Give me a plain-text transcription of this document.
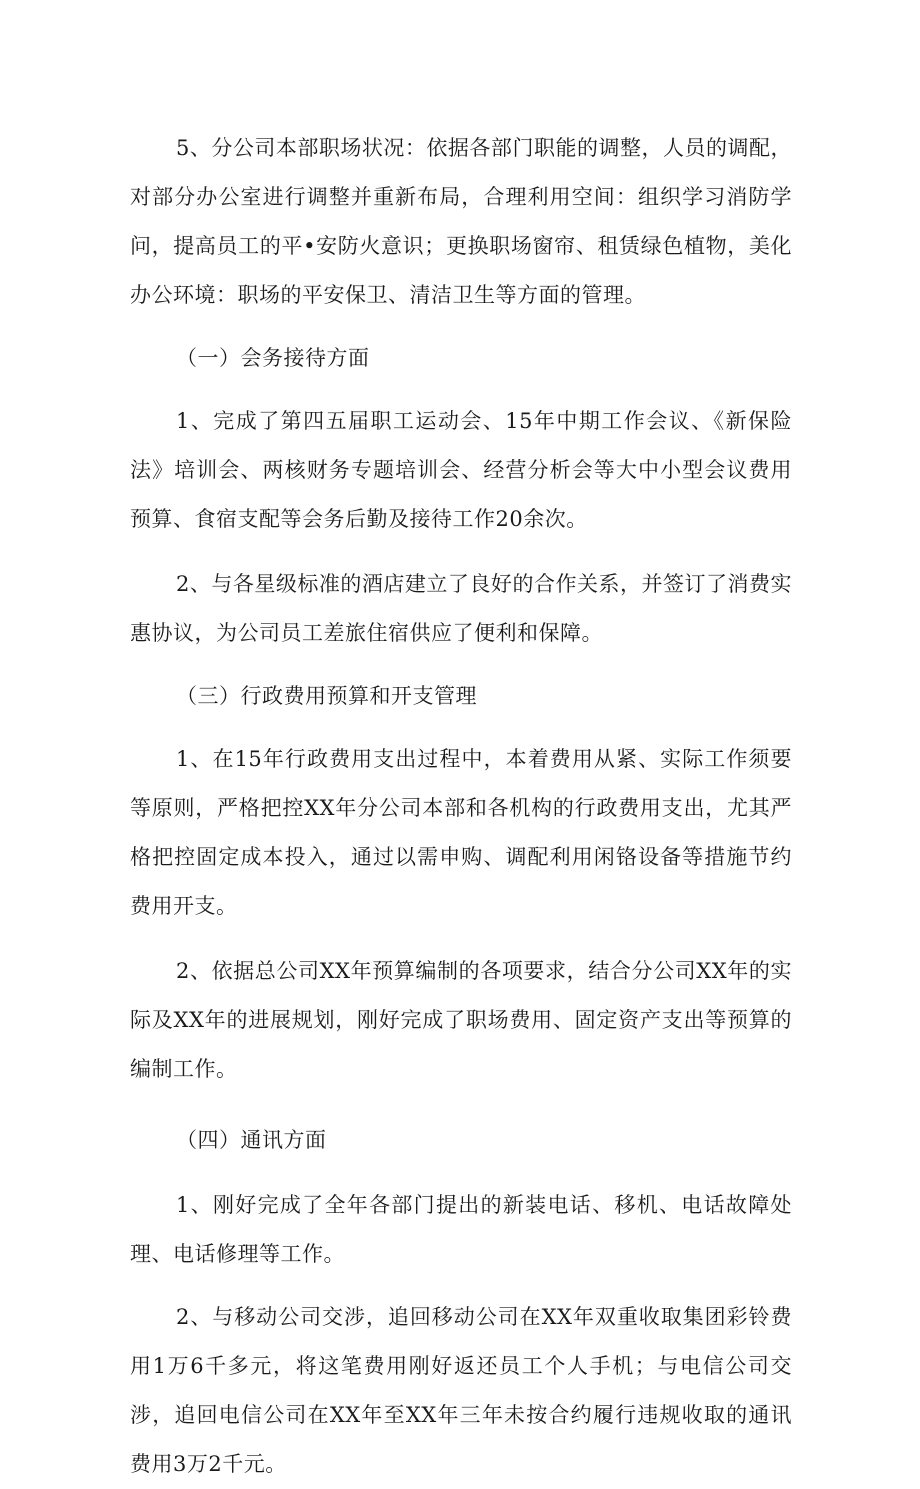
5、分公司本部职场状况：依据各部门职能的调整，人员的调配，对部分办公室进行调整并重新布局，合理利用空间：组织学习消防学问，提高员工的平•安防火意识；更换职场窗帘、租赁绿色植物，美化办公环境：职场的平安保卫、清洁卫生等方面的管理。

（一）会务接待方面

1、完成了第四五届职工运动会、15年中期工作会议、《新保险法》培训会、两核财务专题培训会、经营分析会等大中小型会议费用预算、食宿支配等会务后勤及接待工作20余次。

2、与各星级标准的酒店建立了良好的合作关系，并签订了消费实惠协议，为公司员工差旅住宿供应了便利和保障。

（三）行政费用预算和开支管理

1、在15年行政费用支出过程中，本着费用从紧、实际工作须要等原则，严格把控XX年分公司本部和各机构的行政费用支出，尤其严格把控固定成本投入，通过以需申购、调配利用闲铬设备等措施节约费用开支。

2、依据总公司XX年预算编制的各项要求，结合分公司XX年的实际及XX年的进展规划，刚好完成了职场费用、固定资产支出等预算的编制工作。

（四）通讯方面

1、刚好完成了全年各部门提出的新装电话、移机、电话故障处理、电话修理等工作。

2、与移动公司交涉，追回移动公司在XX年双重收取集团彩铃费用1万6千多元，将这笔费用刚好返还员工个人手机；与电信公司交涉，追回电信公司在XX年至XX年三年未按合约履行违规收取的通讯费用3万2千元。
